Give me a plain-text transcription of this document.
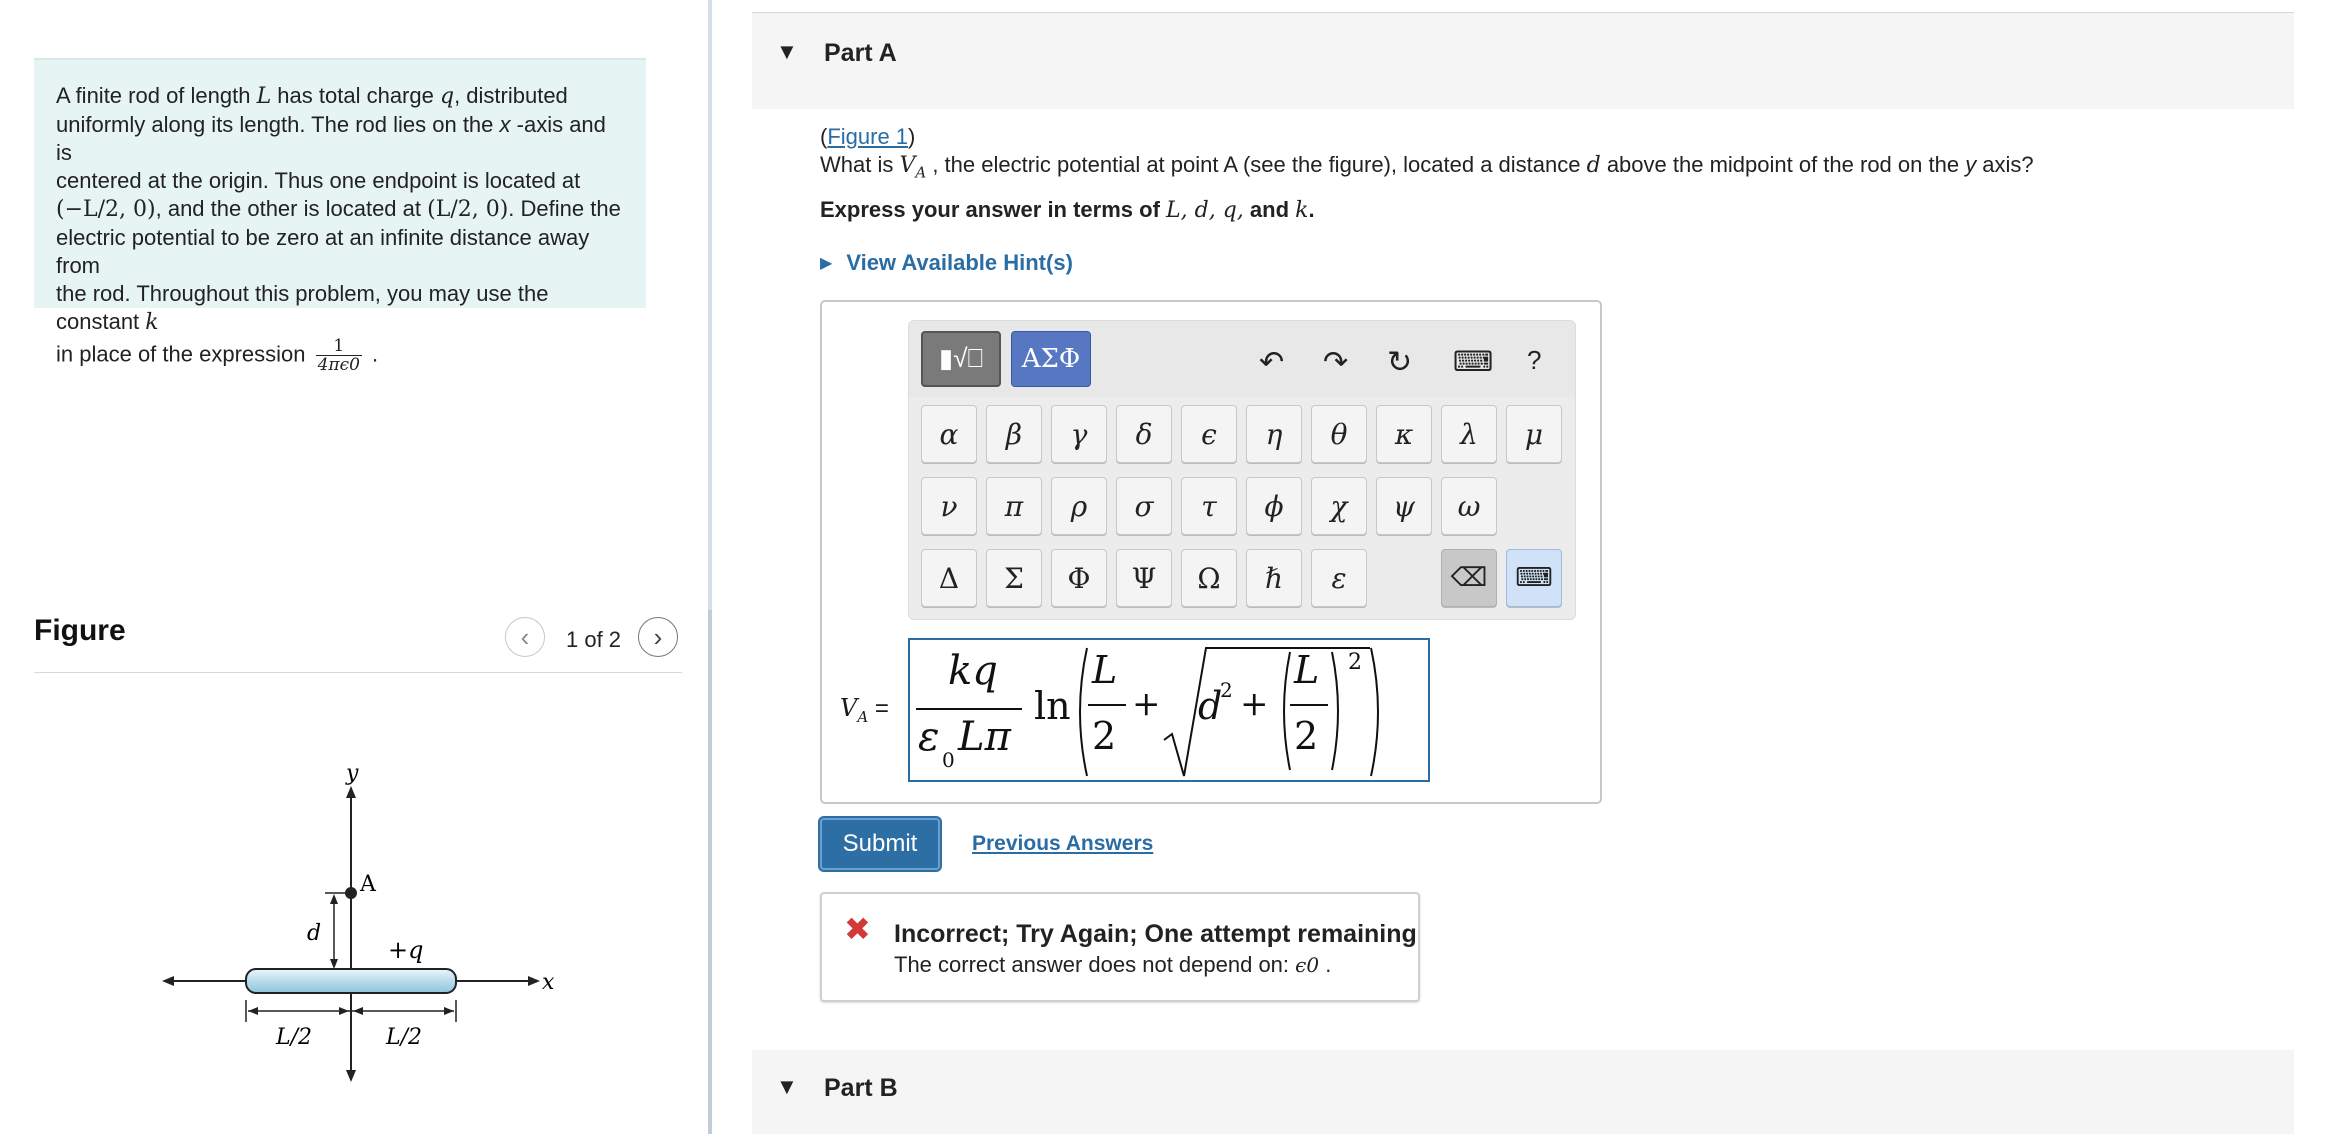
A finite rod of length L has total charge q, distributed
uniformly along its length. The rod lies on the x -axis and is
centered at the origin. Thus one endpoint is located at
(−L/2, 0), and the other is located at (L/2, 0). Define the
electric potential to be zero at an infinite distance away from
the rod. Throughout this problem, you may use the constant k
in place of the expression $\frac{1}{4\pi\epsilon 0}$ .
Figure	‹ 1 of 2 ›
y
A
d
+q
x
L/2	L/2
▼ Part A
(Figure 1)
What is $V_A$ , the electric potential at point A (see the figure), located a distance d above the midpoint of the rod on the y axis?
Express your answer in terms of L, d, q, and k.
▶ View Available Hint(s)
▮√⎕	ΑΣΦ	↶ ↷ ↻ ⌨ ?
α	β	γ	δ	ϵ	η	θ	κ	λ	μ
ν	π	ρ	σ	τ	ϕ	χ	ψ	ω
Δ	Σ	Φ	Ψ	Ω	ℏ	ε	⌫	⌨
$V_A$ =
kq
ε 0 Lπ
ln
L
2
+ d
2 +
L
2
2
Submit	Previous Answers
✖ Incorrect; Try Again; One attempt remaining
The correct answer does not depend on: ϵ0 .
▼ Part B
